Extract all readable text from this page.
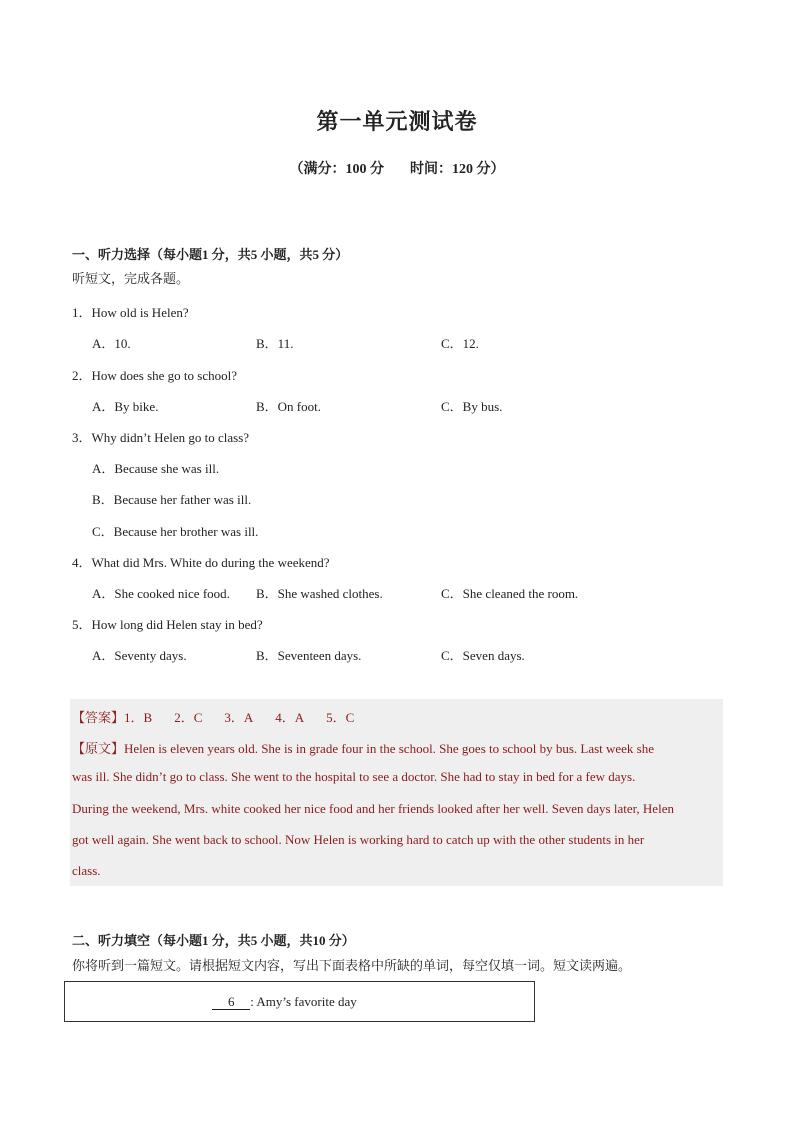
第一单元测试卷
（满分：100 分 时间：120 分）
一、听力选择（每小题1 分，共5 小题，共5 分）
听短文，完成各题。
1．How old is Helen?
A．10.	B．11.	C．12.
2．How does she go to school?
A．By bike.	B．On foot.	C．By bus.
3．Why didn’t Helen go to class?
A．Because she was ill.
B．Because her father was ill.
C．Because her brother was ill.
4．What did Mrs. White do during the weekend?
A．She cooked nice food. B．She washed clothes.	C．She cleaned the room.
5．How long did Helen stay in bed?
A．Seventy days.	B．Seventeen days.	C．Seven days.
【答案】1．B 2．C 3．A 4．A 5．C
【原文】Helen is eleven years old. She is in grade four in the school. She goes to school by bus. Last week she
was ill. She didn’t go to class. She went to the hospital to see a doctor. She had to stay in bed for a few days.
During the weekend, Mrs. white cooked her nice food and her friends looked after her well. Seven days later, Helen
got well again. She went back to school. Now Helen is working hard to catch up with the other students in her
class.
二、听力填空（每小题1 分，共5 小题，共10 分）
你将听到一篇短文。请根据短文内容，写出下面表格中所缺的单词，每空仅填一词。短文读两遍。
6 : Amy’s favorite day
